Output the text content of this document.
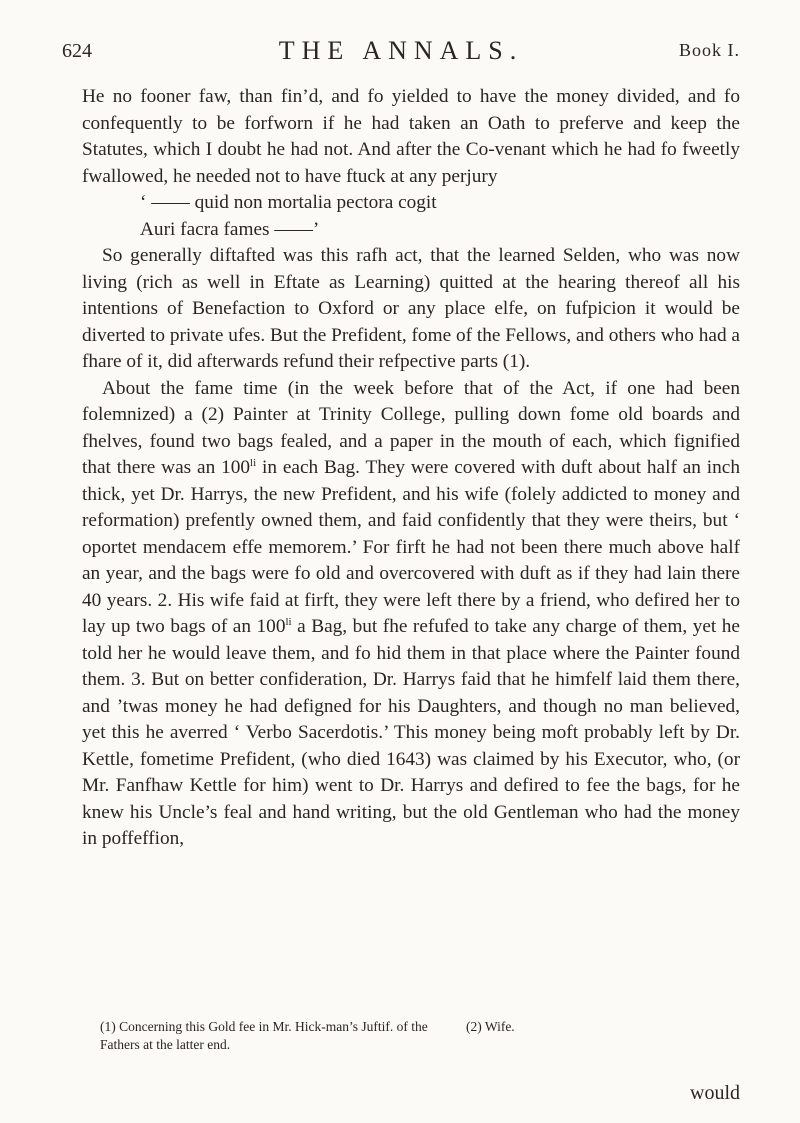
624	THE ANNALS.	Book I.

He no fooner faw, than fin’d, and fo yielded to have the money divided, and fo confequently to be forfworn if he had taken an Oath to preferve and keep the Statutes, which I doubt he had not. And after the Co-venant which he had fo fweetly fwallowed, he needed not to have ftuck at any perjury

‘ —— quid non mortalia pectora cogit
Auri facra fames ——’

So generally diftafted was this rafh act, that the learned Selden, who was now living (rich as well in Eftate as Learning) quitted at the hearing thereof all his intentions of Benefaction to Oxford or any place elfe, on fufpicion it would be diverted to private ufes. But the Prefident, fome of the Fellows, and others who had a fhare of it, did afterwards refund their refpective parts (1).

About the fame time (in the week before that of the Act, if one had been folemnized) a (2) Painter at Trinity College, pulling down fome old boards and fhelves, found two bags fealed, and a paper in the mouth of each, which fignified that there was an $100^{li}$ in each Bag. They were covered with duft about half an inch thick, yet Dr. Harrys, the new Prefident, and his wife (folely addicted to money and reformation) prefently owned them, and faid confidently that they were theirs, but ‘ oportet mendacem effe memorem.’ For firft he had not been there much above half an year, and the bags were fo old and overcovered with duft as if they had lain there 40 years. 2. His wife faid at firft, they were left there by a friend, who defired her to lay up two bags of an $100^{li}$ a Bag, but fhe refufed to take any charge of them, yet he told her he would leave them, and fo hid them in that place where the Painter found them. 3. But on better confideration, Dr. Harrys faid that he himfelf laid them there, and ’twas money he had defigned for his Daughters, and though no man believed, yet this he averred ‘ Verbo Sacerdotis.’ This money being moft probably left by Dr. Kettle, fometime Prefident, (who died 1643) was claimed by his Executor, who, (or Mr. Fanfhaw Kettle for him) went to Dr. Harrys and defired to fee the bags, for he knew his Uncle’s feal and hand writing, but the old Gentleman who had the money in poffeffion,

(1) Concerning this Gold fee in Mr. Hick-man’s Juftif. of the Fathers at the latter end.(2) Wife.
would
